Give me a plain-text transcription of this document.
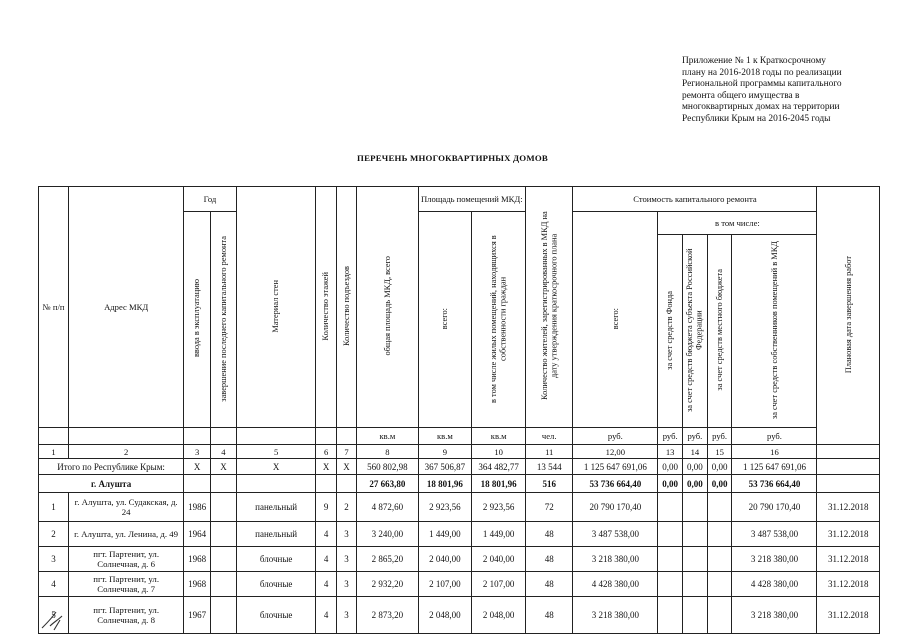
Приложение № 1 к Краткосрочному
плану на 2016-2018 годы по реализации
Региональной программы капитального
ремонта общего имущества в
многоквартирных домах на территории
Республики Крым на 2016-2045 годы
ПЕРЕЧЕНЬ МНОГОКВАРТИРНЫХ ДОМОВ
№ п/п	Адрес МКД	Год		Материал стен	Количество этажей	Количество подъездов	общая площадь МКД, всего	Площадь помещений МКД:		Количество жителей, зарегистрированных в МКД на дату утверждения краткосрочного плана	Стоимость капитального ремонта					Плановая дата завершения работ
		ввода в эксплуатацию	завершение последнего капитального ремонта					всего:	в том числе жилых помещений, находящихся в собственности граждан		всего:	в том числе:				
												за счет средств Фонда	за счет средств бюджета субъекта Российской Федерации	за счет средств местного бюджета	за счет средств собственников помещений в МКД	

							кв.м	кв.м	кв.м	чел.	руб.	руб.	руб.	руб.	руб.	
1	2	3	4	5	6	7	8	9	10	11	12,00	13	14	15	16	
Итого по Республике Крым:		X	X	X	X	X	560 802,98	367 506,87	364 482,77	13 544	1 125 647 691,06	0,00	0,00	0,00	1 125 647 691,06	
г. Алушта							27 663,80	18 801,96	18 801,96	516	53 736 664,40	0,00	0,00	0,00	53 736 664,40	
1	г. Алушта, ул. Судакская, д. 24	1986		панельный	9	2	4 872,60	2 923,56	2 923,56	72	20 790 170,40				20 790 170,40	31.12.2018
2	г. Алушта, ул. Ленина, д. 49	1964		панельный	4	3	3 240,00	1 449,00	1 449,00	48	3 487 538,00				3 487 538,00	31.12.2018
3	пгт. Партенит, ул. Солнечная, д. 6	1968		блочные	4	3	2 865,20	2 040,00	2 040,00	48	3 218 380,00				3 218 380,00	31.12.2018
4	пгт. Партенит, ул. Солнечная, д. 7	1968		блочные	4	3	2 932,20	2 107,00	2 107,00	48	4 428 380,00				4 428 380,00	31.12.2018
5	пгт. Партенит, ул. Солнечная, д. 8	1967		блочные	4	3	2 873,20	2 048,00	2 048,00	48	3 218 380,00				3 218 380,00	31.12.2018
